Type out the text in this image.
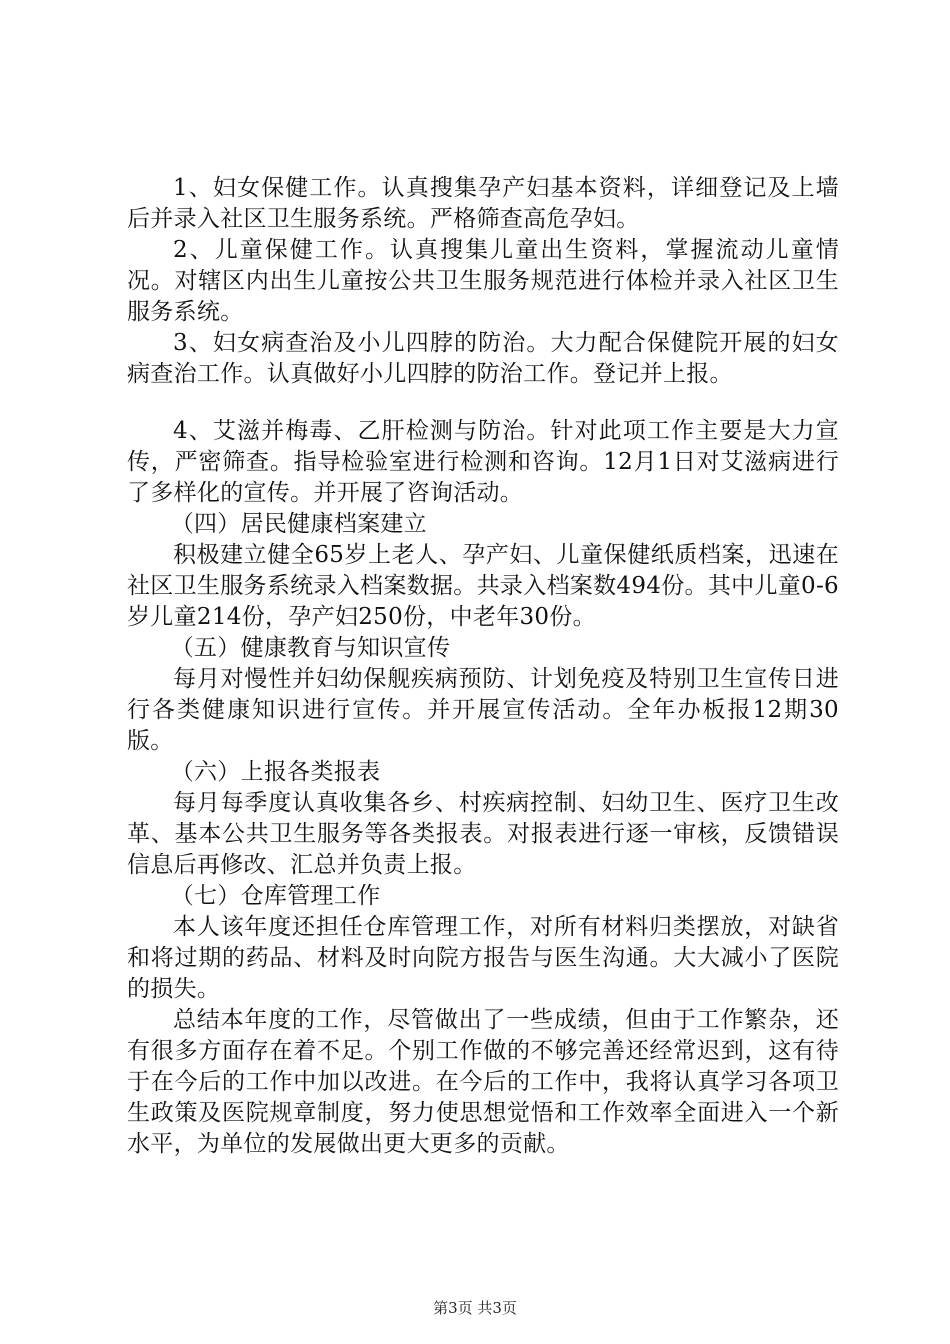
1、妇女保健工作。认真搜集孕产妇基本资料，详细登记及上墙后并录入社区卫生服务系统。严格筛查高危孕妇。

2、儿童保健工作。认真搜集儿童出生资料，掌握流动儿童情况。对辖区内出生儿童按公共卫生服务规范进行体检并录入社区卫生服务系统。

3、妇女病查治及小儿四脖的防治。大力配合保健院开展的妇女病查治工作。认真做好小儿四脖的防治工作。登记并上报。

4、艾滋并梅毒、乙肝检测与防治。针对此项工作主要是大力宣传，严密筛查。指导检验室进行检测和咨询。12月1日对艾滋病进行了多样化的宣传。并开展了咨询活动。

（四）居民健康档案建立

积极建立健全65岁上老人、孕产妇、儿童保健纸质档案，迅速在社区卫生服务系统录入档案数据。共录入档案数494份。其中儿童0-6岁儿童214份，孕产妇250份，中老年30份。

（五）健康教育与知识宣传

每月对慢性并妇幼保舰疾病预防、计划免疫及特别卫生宣传日进行各类健康知识进行宣传。并开展宣传活动。全年办板报12期30版。

（六）上报各类报表

每月每季度认真收集各乡、村疾病控制、妇幼卫生、医疗卫生改革、基本公共卫生服务等各类报表。对报表进行逐一审核，反馈错误信息后再修改、汇总并负责上报。

（七）仓库管理工作

本人该年度还担任仓库管理工作，对所有材料归类摆放，对缺省和将过期的药品、材料及时向院方报告与医生沟通。大大减小了医院的损失。

总结本年度的工作，尽管做出了一些成绩，但由于工作繁杂，还有很多方面存在着不足。个别工作做的不够完善还经常迟到，这有待于在今后的工作中加以改进。在今后的工作中，我将认真学习各项卫生政策及医院规章制度，努力使思想觉悟和工作效率全面进入一个新水平，为单位的发展做出更大更多的贡献。

第3页 共3页
